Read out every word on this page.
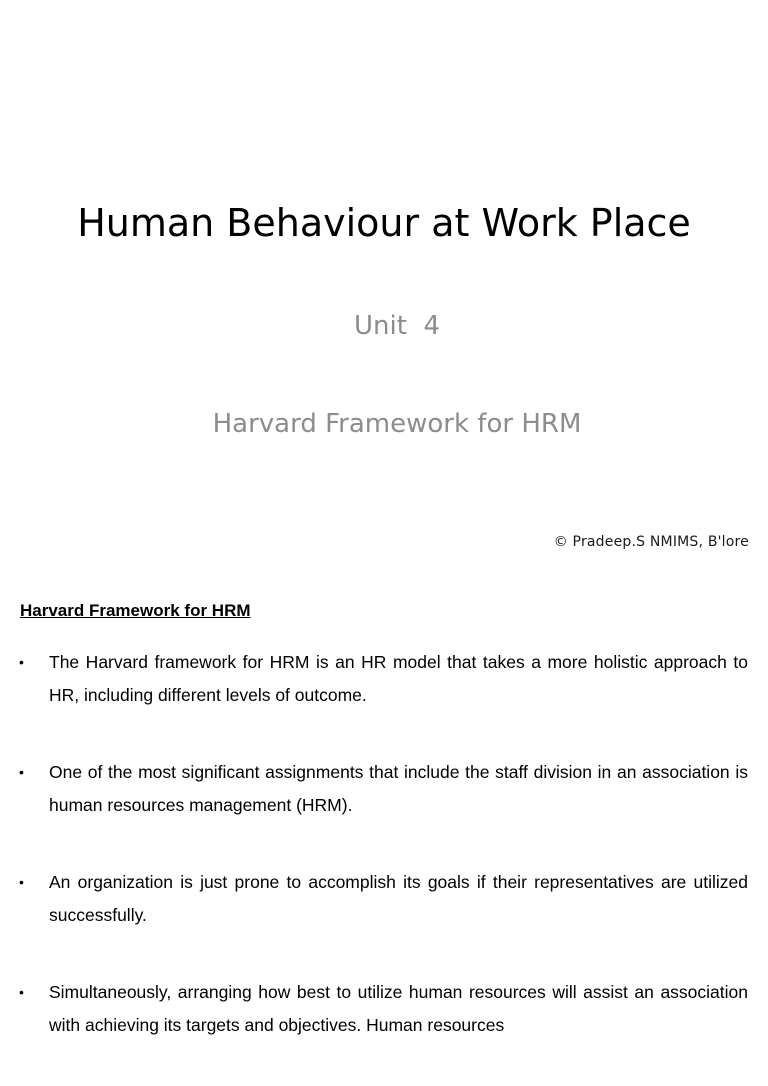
Human Behaviour at Work Place
Unit  4
Harvard Framework for HRM
© Pradeep.S NMIMS, B'lore
Harvard Framework for HRM
• The Harvard framework for HRM is an HR model that takes a more holistic approach to HR, including different levels of outcome.
• One of the most significant assignments that include the staff division in an association is human resources management (HRM).
• An organization is just prone to accomplish its goals if their representatives are utilized successfully.
• Simultaneously, arranging how best to utilize human resources will assist an association with achieving its targets and objectives. Human resources
